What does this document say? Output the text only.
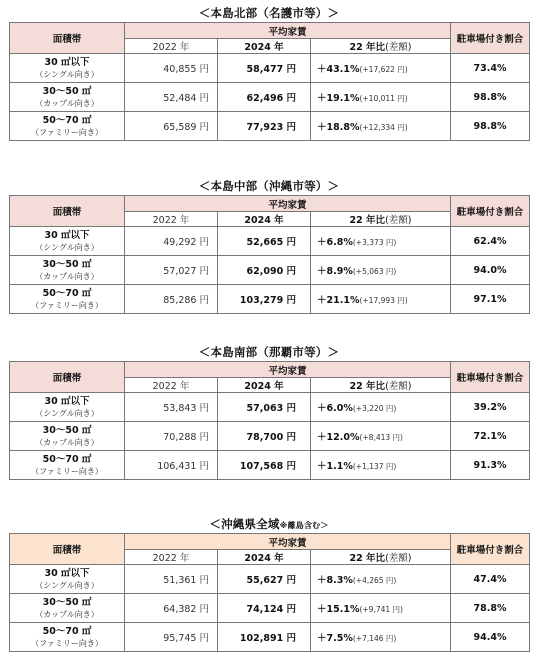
＜本島北部（名護市等）＞
面積帯	平均家賃			駐車場付き割合
	2022 年	2024 年	22 年比(差額)	

30 ㎡以下
（シングル向き）	40,855 円	58,477 円	＋43.1%(+17,622 円)	73.4%

30～50 ㎡
（カップル向き）	52,484 円	62,496 円	＋19.1%(+10,011 円)	98.8%

50～70 ㎡
（ファミリー向き）	65,589 円	77,923 円	＋18.8%(+12,334 円)	98.8%
＜本島中部（沖縄市等）＞
面積帯	平均家賃			駐車場付き割合
	2022 年	2024 年	22 年比(差額)	

30 ㎡以下
（シングル向き）	49,292 円	52,665 円	＋6.8%(+3,373 円)	62.4%

30～50 ㎡
（カップル向き）	57,027 円	62,090 円	＋8.9%(+5,063 円)	94.0%

50～70 ㎡
（ファミリー向き）	85,286 円	103,279 円	＋21.1%(+17,993 円)	97.1%
＜本島南部（那覇市等）＞
面積帯	平均家賃			駐車場付き割合
	2022 年	2024 年	22 年比(差額)	

30 ㎡以下
（シングル向き）	53,843 円	57,063 円	＋6.0%(+3,220 円)	39.2%

30～50 ㎡
（カップル向き）	70,288 円	78,700 円	＋12.0%(+8,413 円)	72.1%

50～70 ㎡
（ファミリー向き）	106,431 円	107,568 円	＋1.1%(+1,137 円)	91.3%
＜沖縄県全域※離島含む＞
面積帯	平均家賃			駐車場付き割合
	2022 年	2024 年	22 年比(差額)	

30 ㎡以下
（シングル向き）	51,361 円	55,627 円	＋8.3%(+4,265 円)	47.4%

30～50 ㎡
（カップル向き）	64,382 円	74,124 円	＋15.1%(+9,741 円)	78.8%

50～70 ㎡
（ファミリー向き）	95,745 円	102,891 円	＋7.5%(+7,146 円)	94.4%
